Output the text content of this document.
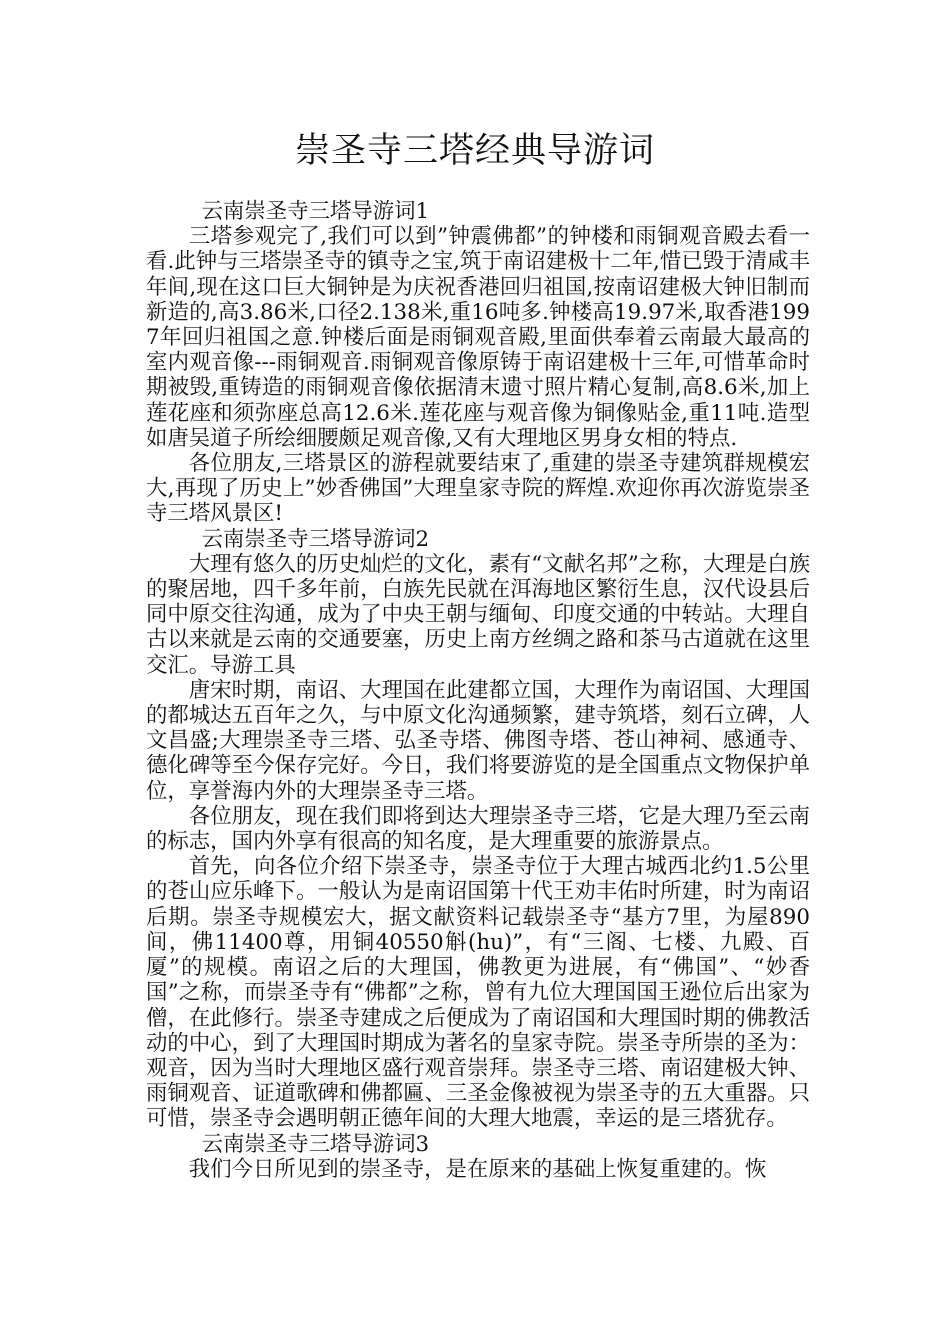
崇圣寺三塔经典导游词

云南崇圣寺三塔导游词1

三塔参观完了,我们可以到”钟震佛都”的钟楼和雨铜观音殿去看一看.此钟与三塔崇圣寺的镇寺之宝,筑于南诏建极十二年,惜已毁于清咸丰年间,现在这口巨大铜钟是为庆祝香港回归祖国,按南诏建极大钟旧制而新造的,高3.86米,口径2.138米,重16吨多.钟楼高19.97米,取香港1997年回归祖国之意.钟楼后面是雨铜观音殿,里面供奉着云南最大最高的室内观音像---雨铜观音.雨铜观音像原铸于南诏建极十三年,可惜革命时期被毁,重铸造的雨铜观音像依据清末遗寸照片精心复制,高8.6米,加上莲花座和须弥座总高12.6米.莲花座与观音像为铜像贴金,重11吨.造型如唐吴道子所绘细腰颇足观音像,又有大理地区男身女相的特点.

各位朋友,三塔景区的游程就要结束了,重建的崇圣寺建筑群规模宏大,再现了历史上”妙香佛国”大理皇家寺院的辉煌.欢迎你再次游览崇圣寺三塔风景区!

云南崇圣寺三塔导游词2

大理有悠久的历史灿烂的文化，素有“文献名邦”之称，大理是白族的聚居地，四千多年前，白族先民就在洱海地区繁衍生息，汉代设县后同中原交往沟通，成为了中央王朝与缅甸、印度交通的中转站。大理自古以来就是云南的交通要塞，历史上南方丝绸之路和茶马古道就在这里交汇。导游工具

唐宋时期，南诏、大理国在此建都立国，大理作为南诏国、大理国的都城达五百年之久，与中原文化沟通频繁，建寺筑塔，刻石立碑，人文昌盛;大理崇圣寺三塔、弘圣寺塔、佛图寺塔、苍山神祠、感通寺、德化碑等至今保存完好。今日，我们将要游览的是全国重点文物保护单位，享誉海内外的大理崇圣寺三塔。

各位朋友，现在我们即将到达大理崇圣寺三塔，它是大理乃至云南的标志，国内外享有很高的知名度，是大理重要的旅游景点。

首先，向各位介绍下崇圣寺，崇圣寺位于大理古城西北约1.5公里的苍山应乐峰下。一般认为是南诏国第十代王劝丰佑时所建，时为南诏后期。崇圣寺规模宏大，据文献资料记载崇圣寺“基方7里，为屋890间，佛11400尊，用铜40550斛(hu)”，有“三阁、七楼、九殿、百厦”的规模。南诏之后的大理国，佛教更为进展，有“佛国”、“妙香国”之称，而崇圣寺有“佛都”之称，曾有九位大理国国王逊位后出家为僧，在此修行。崇圣寺建成之后便成为了南诏国和大理国时期的佛教活动的中心，到了大理国时期成为著名的皇家寺院。崇圣寺所崇的圣为：观音，因为当时大理地区盛行观音崇拜。崇圣寺三塔、南诏建极大钟、雨铜观音、证道歌碑和佛都匾、三圣金像被视为崇圣寺的五大重器。只可惜，崇圣寺会遇明朝正德年间的大理大地震，幸运的是三塔犹存。

云南崇圣寺三塔导游词3

我们今日所见到的崇圣寺，是在原来的基础上恢复重建的。恢
